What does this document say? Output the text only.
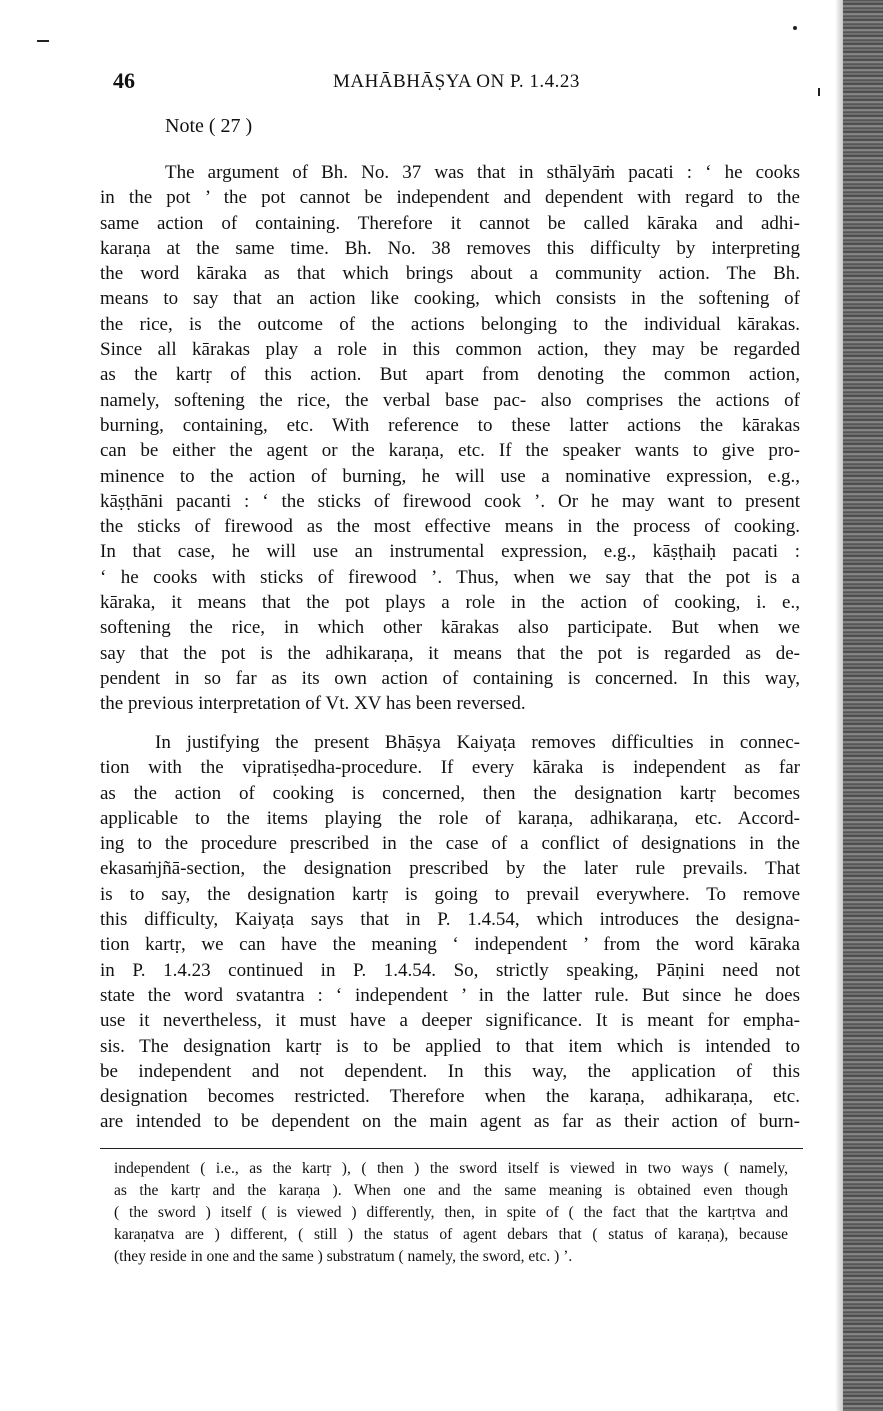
46	MAHĀBHĀṢYA ON P. 1.4.23
Note ( 27 )
The argument of Bh. No. 37 was that in sthālyāṁ pacati : ‘ he cooks
in the pot ’ the pot cannot be independent and dependent with regard to the
same action of containing. Therefore it cannot be called kāraka and adhi-
karaṇa at the same time. Bh. No. 38 removes this difficulty by interpreting
the word kāraka as that which brings about a community action. The Bh.
means to say that an action like cooking, which consists in the softening of
the rice, is the outcome of the actions belonging to the individual kārakas.
Since all kārakas play a role in this common action, they may be regarded
as the kartṛ of this action. But apart from denoting the common action,
namely, softening the rice, the verbal base pac- also comprises the actions of
burning, containing, etc. With reference to these latter actions the kārakas
can be either the agent or the karaṇa, etc. If the speaker wants to give pro-
minence to the action of burning, he will use a nominative expression, e.g.,
kāṣṭhāni pacanti : ‘ the sticks of firewood cook ’. Or he may want to present
the sticks of firewood as the most effective means in the process of cooking.
In that case, he will use an instrumental expression, e.g., kāṣṭhaiḥ pacati :
‘ he cooks with sticks of firewood ’. Thus, when we say that the pot is a
kāraka, it means that the pot plays a role in the action of cooking, i. e.,
softening the rice, in which other kārakas also participate. But when we
say that the pot is the adhikaraṇa, it means that the pot is regarded as de-
pendent in so far as its own action of containing is concerned. In this way,
the previous interpretation of Vt. XV has been reversed.
In justifying the present Bhāṣya Kaiyaṭa removes difficulties in connec-
tion with the vipratiṣedha-procedure. If every kāraka is independent as far
as the action of cooking is concerned, then the designation kartṛ becomes
applicable to the items playing the role of karaṇa, adhikaraṇa, etc. Accord-
ing to the procedure prescribed in the case of a conflict of designations in the
ekasaṁjñā-section, the designation prescribed by the later rule prevails. That
is to say, the designation kartṛ is going to prevail everywhere. To remove
this difficulty, Kaiyaṭa says that in P. 1.4.54, which introduces the designa-
tion kartṛ, we can have the meaning ‘ independent ’ from the word kāraka
in P. 1.4.23 continued in P. 1.4.54. So, strictly speaking, Pāṇini need not
state the word svatantra : ‘ independent ’ in the latter rule. But since he does
use it nevertheless, it must have a deeper significance. It is meant for empha-
sis. The designation kartṛ is to be applied to that item which is intended to
be independent and not dependent. In this way, the application of this
designation becomes restricted. Therefore when the karaṇa, adhikaraṇa, etc.
are intended to be dependent on the main agent as far as their action of burn-
independent ( i.e., as the kartṛ ), ( then ) the sword itself is viewed in two ways ( namely,
as the kartṛ and the karaṇa ). When one and the same meaning is obtained even though
( the sword ) itself ( is viewed ) differently, then, in spite of ( the fact that the kartṛtva and
karaṇatva are ) different, ( still ) the status of agent debars that ( status of karaṇa), because
(they reside in one and the same ) substratum ( namely, the sword, etc. ) ’.
